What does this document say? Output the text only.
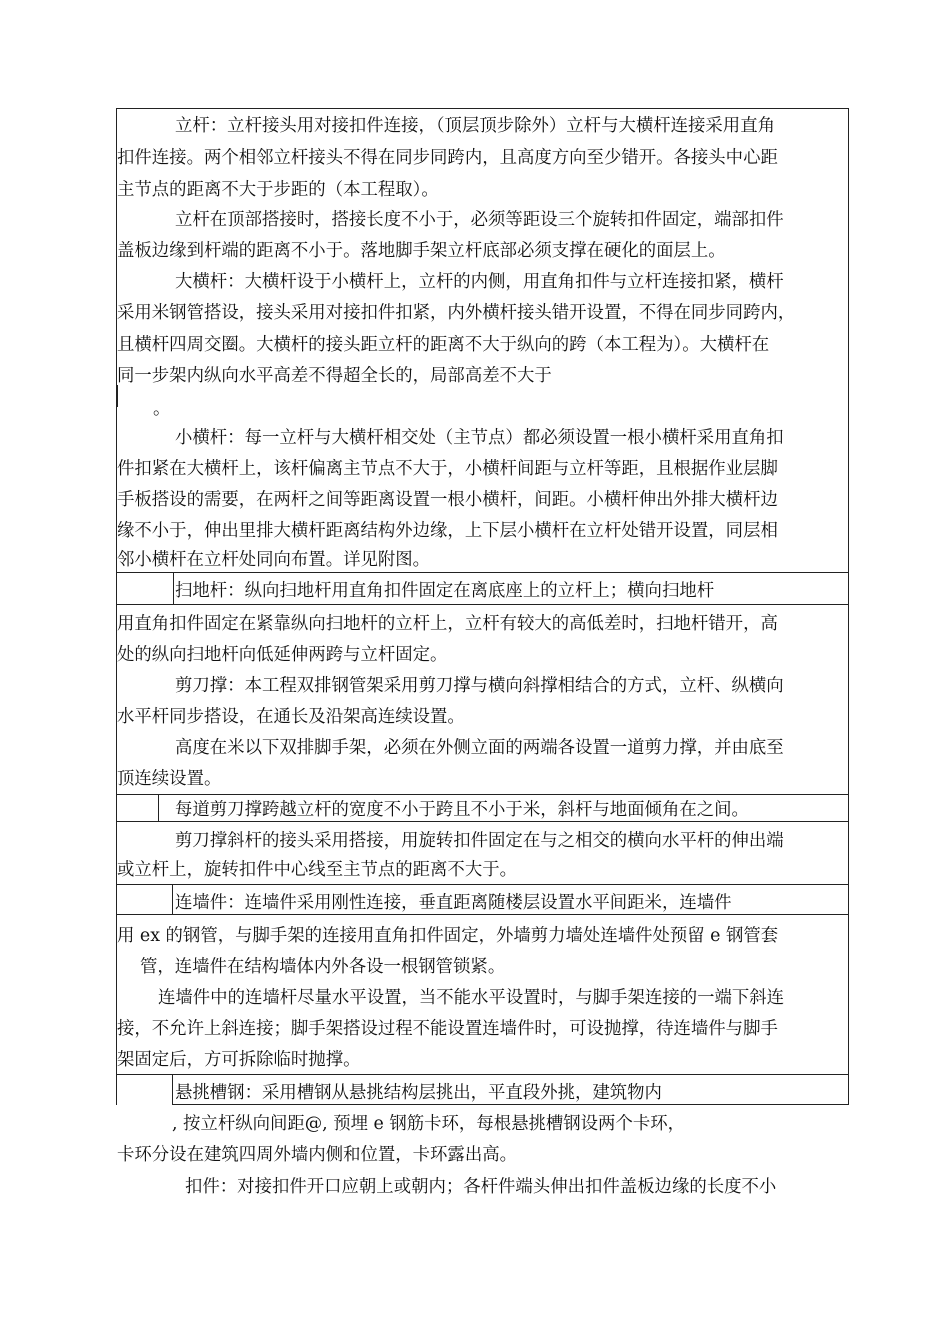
立杆：立杆接头用对接扣件连接，（顶层顶步除外）立杆与大横杆连接采用直角

扣件连接。两个相邻立杆接头不得在同步同跨内，且高度方向至少错开。各接头中心距

主节点的距离不大于步距的（本工程取）。

立杆在顶部搭接时，搭接长度不小于，必须等距设三个旋转扣件固定，端部扣件

盖板边缘到杆端的距离不小于。落地脚手架立杆底部必须支撑在硬化的面层上。

大横杆：大横杆设于小横杆上，立杆的内侧，用直角扣件与立杆连接扣紧，横杆

采用米钢管搭设，接头采用对接扣件扣紧，内外横杆接头错开设置，不得在同步同跨内，

且横杆四周交圈。大横杆的接头距立杆的距离不大于纵向的跨（本工程为）。大横杆在

同一步架内纵向水平高差不得超全长的，局部高差不大于

。

小横杆：每一立杆与大横杆相交处（主节点）都必须设置一根小横杆采用直角扣

件扣紧在大横杆上，该杆偏离主节点不大于，小横杆间距与立杆等距，且根据作业层脚

手板搭设的需要，在两杆之间等距离设置一根小横杆，间距。小横杆伸出外排大横杆边

缘不小于，伸出里排大横杆距离结构外边缘，上下层小横杆在立杆处错开设置，同层相

邻小横杆在立杆处同向布置。详见附图。

扫地杆：纵向扫地杆用直角扣件固定在离底座上的立杆上；横向扫地杆

用直角扣件固定在紧靠纵向扫地杆的立杆上，立杆有较大的高低差时，扫地杆错开，高

处的纵向扫地杆向低延伸两跨与立杆固定。

剪刀撑：本工程双排钢管架采用剪刀撑与横向斜撑相结合的方式，立杆、纵横向

水平杆同步搭设，在通长及沿架高连续设置。

高度在米以下双排脚手架，必须在外侧立面的两端各设置一道剪力撑，并由底至

顶连续设置。

每道剪刀撑跨越立杆的宽度不小于跨且不小于米，斜杆与地面倾角在之间。

剪刀撑斜杆的接头采用搭接，用旋转扣件固定在与之相交的横向水平杆的伸出端

或立杆上，旋转扣件中心线至主节点的距离不大于。

连墙件：连墙件采用刚性连接，垂直距离随楼层设置水平间距米，连墙件

用 ex 的钢管，与脚手架的连接用直角扣件固定，外墙剪力墙处连墙件处预留 e 钢管套

管，连墙件在结构墙体内外各设一根钢管锁紧。

连墙件中的连墙杆尽量水平设置，当不能水平设置时，与脚手架连接的一端下斜连

接，不允许上斜连接；脚手架搭设过程不能设置连墙件时，可设抛撑，待连墙件与脚手

架固定后，方可拆除临时抛撑。

悬挑槽钢：采用槽钢从悬挑结构层挑出，平直段外挑，建筑物内

, 按立杆纵向间距@, 预埋 e 钢筋卡环，每根悬挑槽钢设两个卡环，

卡环分设在建筑四周外墙内侧和位置，卡环露出高。

扣件：对接扣件开口应朝上或朝内；各杆件端头伸出扣件盖板边缘的长度不小
